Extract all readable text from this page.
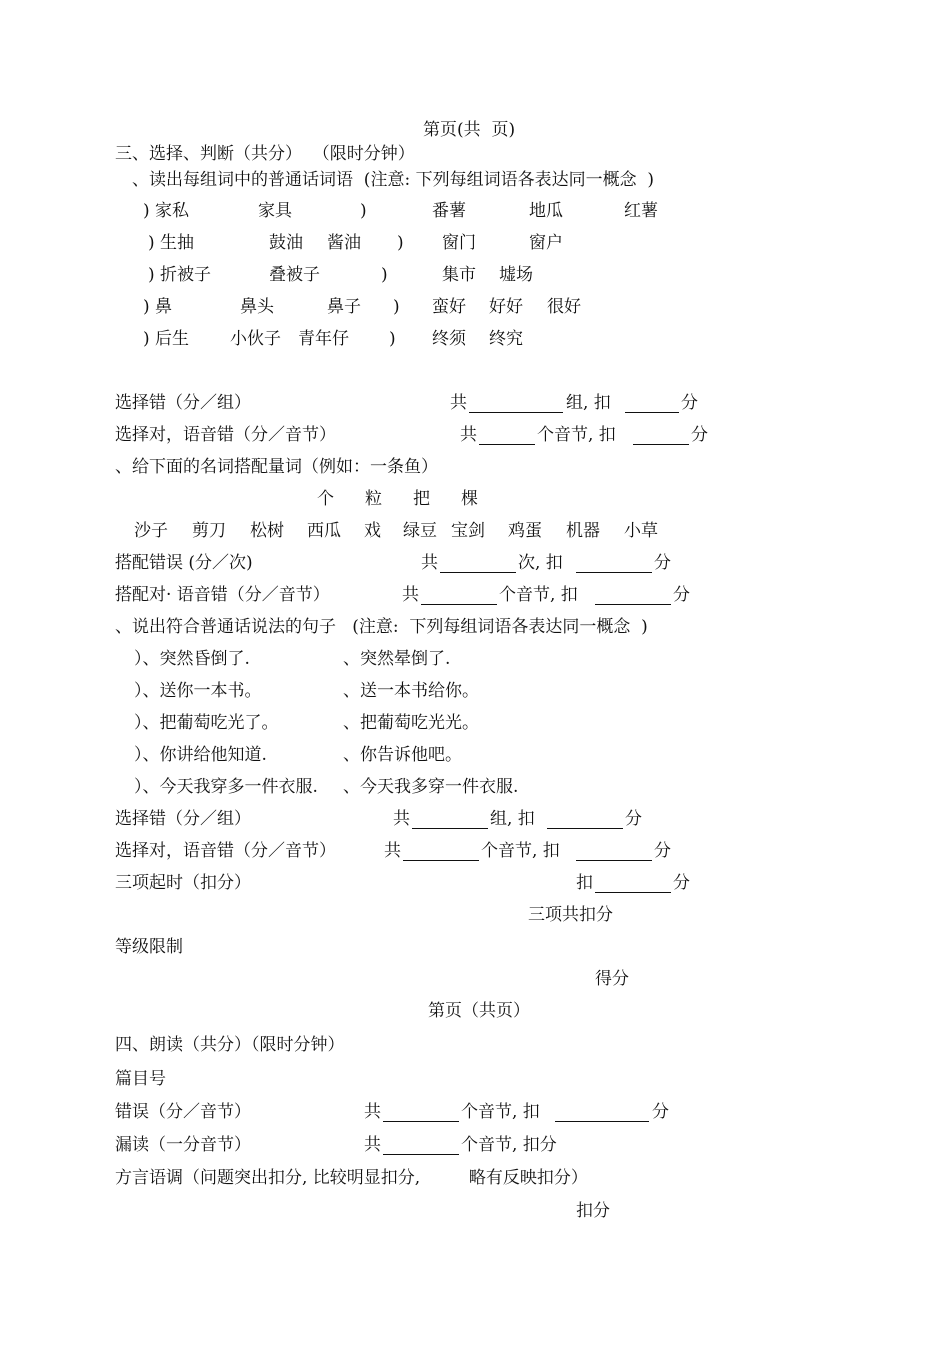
第页(共  页)
三、选择、判断（共分）  （限时分钟）
、读出每组词中的普通话词语  (注意: 下列每组词语各表达同一概念  )
) 家私	家具	)	番薯	地瓜	红薯
) 生抽	鼓油 酱油 ) 窗门	窗户
) 折被子	叠被子	)	集市 墟场
) 鼻	鼻头	鼻子 ) 蛮好 好好 很好
) 后生 小伙子 青年仔 ) 终须 终究
选择错（分／组）	共	组, 扣	分
选择对，语音错（分／音节）	共	个音节, 扣	分
、给下面的名词搭配量词（例如：一条鱼）
个 粒 把 棵
沙子 剪刀 松树 西瓜 戏 绿豆 宝剑 鸡蛋 机器 小草
搭配错误 (分／次)	共	次, 扣	分
搭配对· 语音错（分／音节）	共	个音节, 扣	分
、说出符合普通话说法的句子   (注意:  下列每组词语各表达同一概念  )
）、突然昏倒了.	、突然晕倒了.
）、送你一本书。	、送一本书给你。
）、把葡萄吃光了。	、把葡萄吃光光。
）、你讲给他知道.	、你告诉他吧。
）、今天我穿多一件衣服. 、今天我多穿一件衣服.
选择错（分／组）	共	组, 扣	分
选择对，语音错（分／音节）	共	个音节, 扣	分
三项起时（扣分）	扣	分
三项共扣分
等级限制
得分
第页（共页）
四、朗读（共分）（限时分钟）
篇目号
错误（分／音节）	共	个音节, 扣	分
漏读（一分音节）	共	个音节, 扣分
方言语调（问题突出扣分, 比较明显扣分,         略有反映扣分）
扣分
